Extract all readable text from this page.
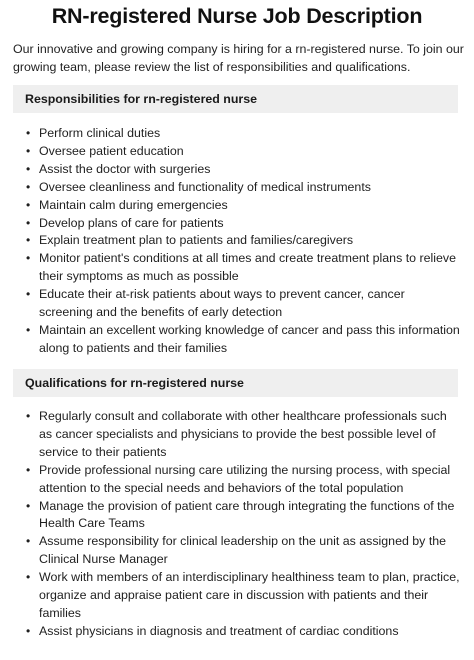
RN-registered Nurse Job Description

Our innovative and growing company is hiring for a rn-registered nurse. To join our growing team, please review the list of responsibilities and qualifications.

Responsibilities for rn-registered nurse
• Perform clinical duties
• Oversee patient education
• Assist the doctor with surgeries
• Oversee cleanliness and functionality of medical instruments
• Maintain calm during emergencies
• Develop plans of care for patients
• Explain treatment plan to patients and families/caregivers
• Monitor patient's conditions at all times and create treatment plans to relieve their symptoms as much as possible
• Educate their at-risk patients about ways to prevent cancer, cancer screening and the benefits of early detection
• Maintain an excellent working knowledge of cancer and pass this information along to patients and their families
Qualifications for rn-registered nurse
• Regularly consult and collaborate with other healthcare professionals such as cancer specialists and physicians to provide the best possible level of service to their patients
• Provide professional nursing care utilizing the nursing process, with special attention to the special needs and behaviors of the total population
• Manage the provision of patient care through integrating the functions of the Health Care Teams
• Assume responsibility for clinical leadership on the unit as assigned by the Clinical Nurse Manager
• Work with members of an interdisciplinary healthiness team to plan, practice, organize and appraise patient care in discussion with patients and their families
• Assist physicians in diagnosis and treatment of cardiac conditions
